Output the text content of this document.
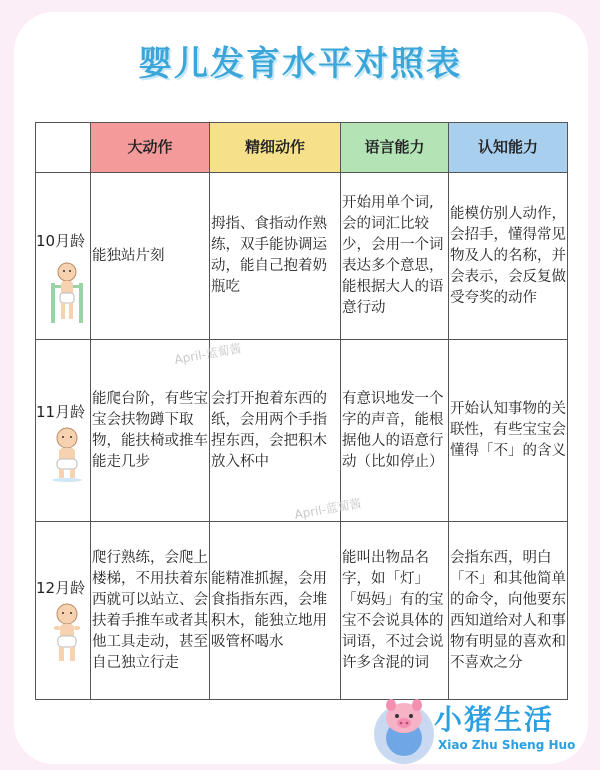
婴儿发育水平对照表
	大动作	精细动作	语言能力	认知能力

10月龄	能独站片刻	拇指、食指动作熟练，双手能协调运动，能自己抱着奶瓶吃	开始用单个词,会的词汇比较少，会用一个词表达多个意思，能根据大人的语意行动	能模仿别人动作，会招手，懂得常见物及人的名称，并会表示，会反复做受夸奖的动作

11月龄	能爬台阶，有些宝宝会扶物蹲下取物，能扶椅或推车能走几步	会打开抱着东西的纸，会用两个手指捏东西，会把积木放入杯中	有意识地发一个字的声音，能根据他人的语意行动（比如停止）	开始认知事物的关联性，有些宝宝会懂得「不」的含义

12月龄	爬行熟练，会爬上楼梯，不用扶着东西就可以站立、会扶着手推车或者其他工具走动，甚至自己独立行走	能精准抓握，会用食指指东西，会堆积木，能独立地用吸管杯喝水	能叫出物品名字，如「灯」「妈妈」有的宝宝不会说具体的词语，不过会说许多含混的词	会指东西，明白「不」和其他简单的命令，向他要东西知道给对人和事物有明显的喜欢和不喜欢之分
April-蓝蔔酱
April-蓝蔔酱
小猪生活
Xiao Zhu Sheng Huo
